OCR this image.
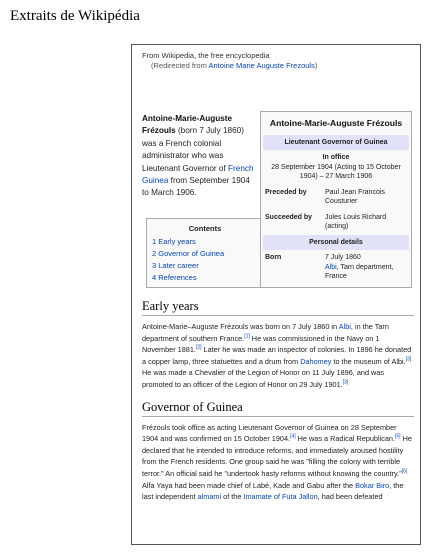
Extraits de Wikipédia
From Wikipedia, the free encyclopedia
(Redirected from Antoine Marie Auguste Frezouls)
Antoine-Marie-Auguste Frézouls (born 7 July 1860) was a French colonial administrator who was Lieutenant Governor of French Guinea from September 1904 to March 1906.
Contents
1 Early years
2 Governor of Guinea
3 Later career
4 References
Antoine-Marie-Auguste Frézouls
Lieutenant Governor of Guinea
In office
28 September 1904 (Acting to 15 October 1904) – 27 March 1906
Preceded by	Paul Jean Francois Cousturier
Succeeded by	Jules Louis Richard (acting)
Personal details
Born	7 July 1860
Albi, Tarn department, France
Early years
Antoine-Marie–Auguste Frézouls was born on 7 July 1860 in Albi, in the Tarn department of southern France.[1] He was commissioned in the Navy on 1 November 1881.[2] Later he was made an inspector of colonies. In 1896 he donated a copper lamp, three statuettes and a drum from Dahomey to the museum of Albi.[3] He was made a Chevalier of the Legion of Honor on 11 July 1896, and was promoted to an officer of the Legion of Honor on 29 July 1901.[3]
Governor of Guinea
Frézouls took office as acting Lieutenant Governor of Guinea on 28 September 1904 and was confirmed on 15 October 1904.[4] He was a Radical Republican.[5] He declared that he intended to introduce reforms, and immediately aroused hostility from the French residents. One group said he was "filling the colony with terrible terror." An official said he "undertook hasty reforms without knowing the country."[5] Alfa Yaya had been made chief of Labé, Kade and Gabu after the Bokar Biro, the last independent almami of the Imamate of Futa Jallon, had been defeated
